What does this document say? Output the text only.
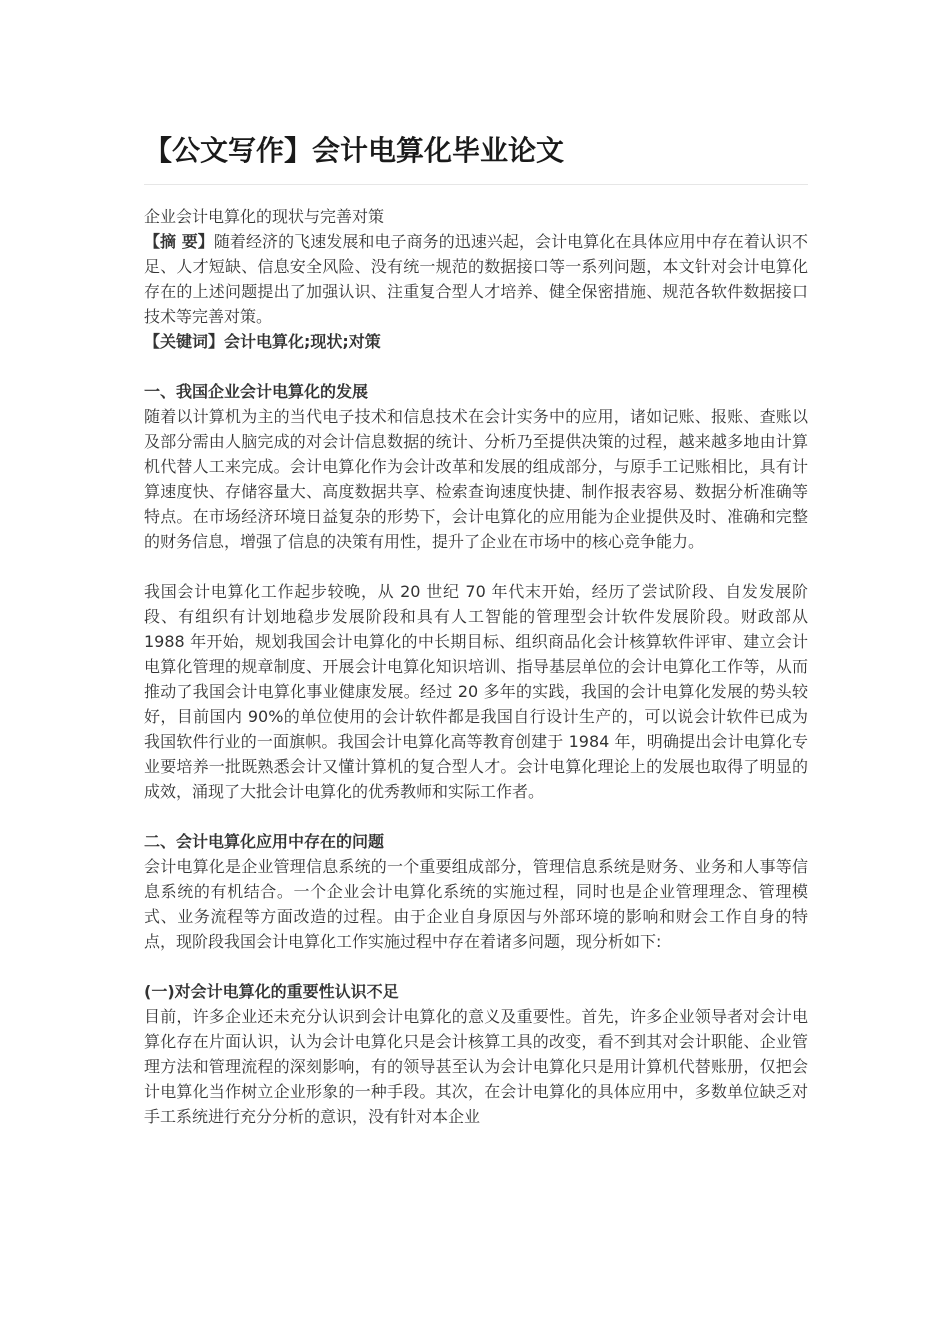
【公文写作】会计电算化毕业论文

企业会计电算化的现状与完善对策

【摘 要】随着经济的飞速发展和电子商务的迅速兴起，会计电算化在具体应用中存在着认识不足、人才短缺、信息安全风险、没有统一规范的数据接口等一系列问题，本文针对会计电算化存在的上述问题提出了加强认识、注重复合型人才培养、健全保密措施、规范各软件数据接口技术等完善对策。

【关键词】会计电算化;现状;对策

一、我国企业会计电算化的发展

随着以计算机为主的当代电子技术和信息技术在会计实务中的应用，诸如记账、报账、查账以及部分需由人脑完成的对会计信息数据的统计、分析乃至提供决策的过程，越来越多地由计算机代替人工来完成。会计电算化作为会计改革和发展的组成部分，与原手工记账相比，具有计算速度快、存储容量大、高度数据共享、检索查询速度快捷、制作报表容易、数据分析准确等特点。在市场经济环境日益复杂的形势下，会计电算化的应用能为企业提供及时、准确和完整的财务信息，增强了信息的决策有用性，提升了企业在市场中的核心竞争能力。

我国会计电算化工作起步较晚，从 20 世纪 70 年代末开始，经历了尝试阶段、自发发展阶段、有组织有计划地稳步发展阶段和具有人工智能的管理型会计软件发展阶段。财政部从 1988 年开始，规划我国会计电算化的中长期目标、组织商品化会计核算软件评审、建立会计电算化管理的规章制度、开展会计电算化知识培训、指导基层单位的会计电算化工作等，从而推动了我国会计电算化事业健康发展。经过 20 多年的实践，我国的会计电算化发展的势头较好，目前国内 90%的单位使用的会计软件都是我国自行设计生产的，可以说会计软件已成为我国软件行业的一面旗帜。我国会计电算化高等教育创建于 1984 年，明确提出会计电算化专业要培养一批既熟悉会计又懂计算机的复合型人才。会计电算化理论上的发展也取得了明显的成效，涌现了大批会计电算化的优秀教师和实际工作者。

二、会计电算化应用中存在的问题

会计电算化是企业管理信息系统的一个重要组成部分，管理信息系统是财务、业务和人事等信息系统的有机结合。一个企业会计电算化系统的实施过程，同时也是企业管理理念、管理模式、业务流程等方面改造的过程。由于企业自身原因与外部环境的影响和财会工作自身的特点，现阶段我国会计电算化工作实施过程中存在着诸多问题，现分析如下:

(一)对会计电算化的重要性认识不足

目前，许多企业还未充分认识到会计电算化的意义及重要性。首先，许多企业领导者对会计电算化存在片面认识，认为会计电算化只是会计核算工具的改变，看不到其对会计职能、企业管理方法和管理流程的深刻影响，有的领导甚至认为会计电算化只是用计算机代替账册，仅把会计电算化当作树立企业形象的一种手段。其次，在会计电算化的具体应用中，多数单位缺乏对手工系统进行充分分析的意识，没有针对本企业
